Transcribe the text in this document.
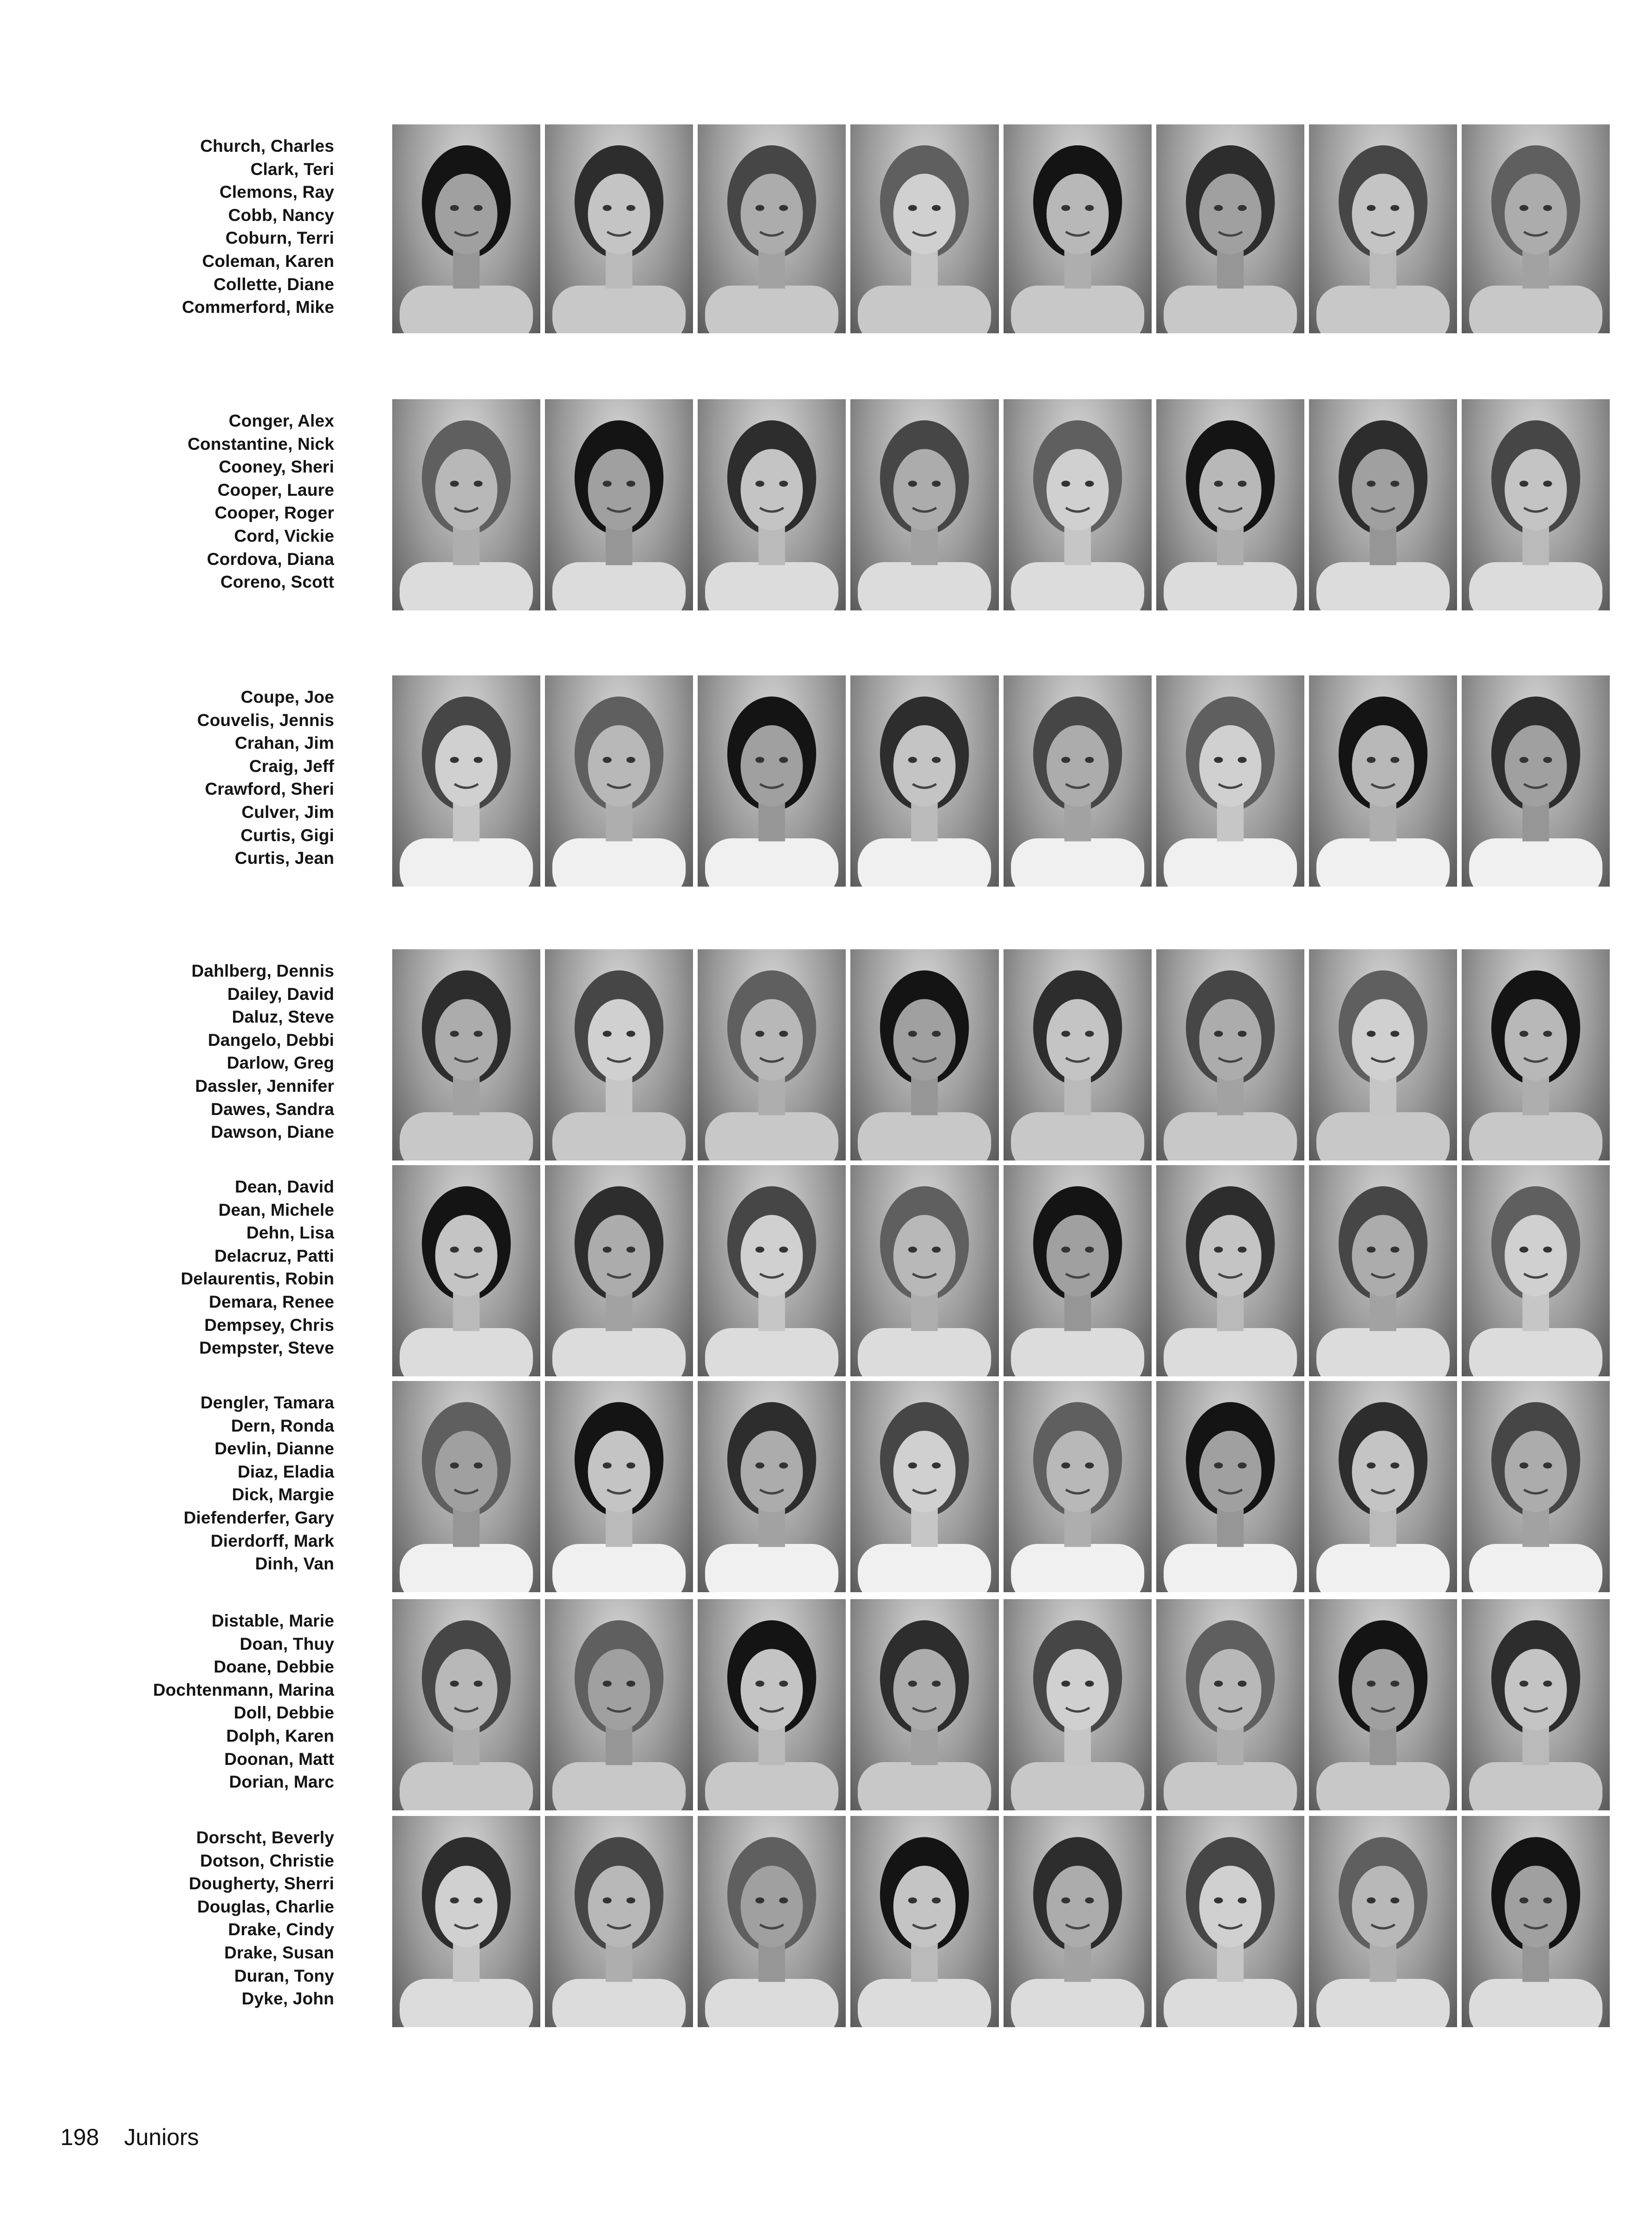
Church, Charles
Clark, Teri
Clemons, Ray
Cobb, Nancy
Coburn, Terri
Coleman, Karen
Collette, Diane
Commerford, Mike
Conger, Alex
Constantine, Nick
Cooney, Sheri
Cooper, Laure
Cooper, Roger
Cord, Vickie
Cordova, Diana
Coreno, Scott
Coupe, Joe
Couvelis, Jennis
Crahan, Jim
Craig, Jeff
Crawford, Sheri
Culver, Jim
Curtis, Gigi
Curtis, Jean
Dahlberg, Dennis
Dailey, David
Daluz, Steve
Dangelo, Debbi
Darlow, Greg
Dassler, Jennifer
Dawes, Sandra
Dawson, Diane
Dean, David
Dean, Michele
Dehn, Lisa
Delacruz, Patti
Delaurentis, Robin
Demara, Renee
Dempsey, Chris
Dempster, Steve
Dengler, Tamara
Dern, Ronda
Devlin, Dianne
Diaz, Eladia
Dick, Margie
Diefenderfer, Gary
Dierdorff, Mark
Dinh, Van
Distable, Marie
Doan, Thuy
Doane, Debbie
Dochtenmann, Marina
Doll, Debbie
Dolph, Karen
Doonan, Matt
Dorian, Marc
Dorscht, Beverly
Dotson, Christie
Dougherty, Sherri
Douglas, Charlie
Drake, Cindy
Drake, Susan
Duran, Tony
Dyke, John
198 Juniors
